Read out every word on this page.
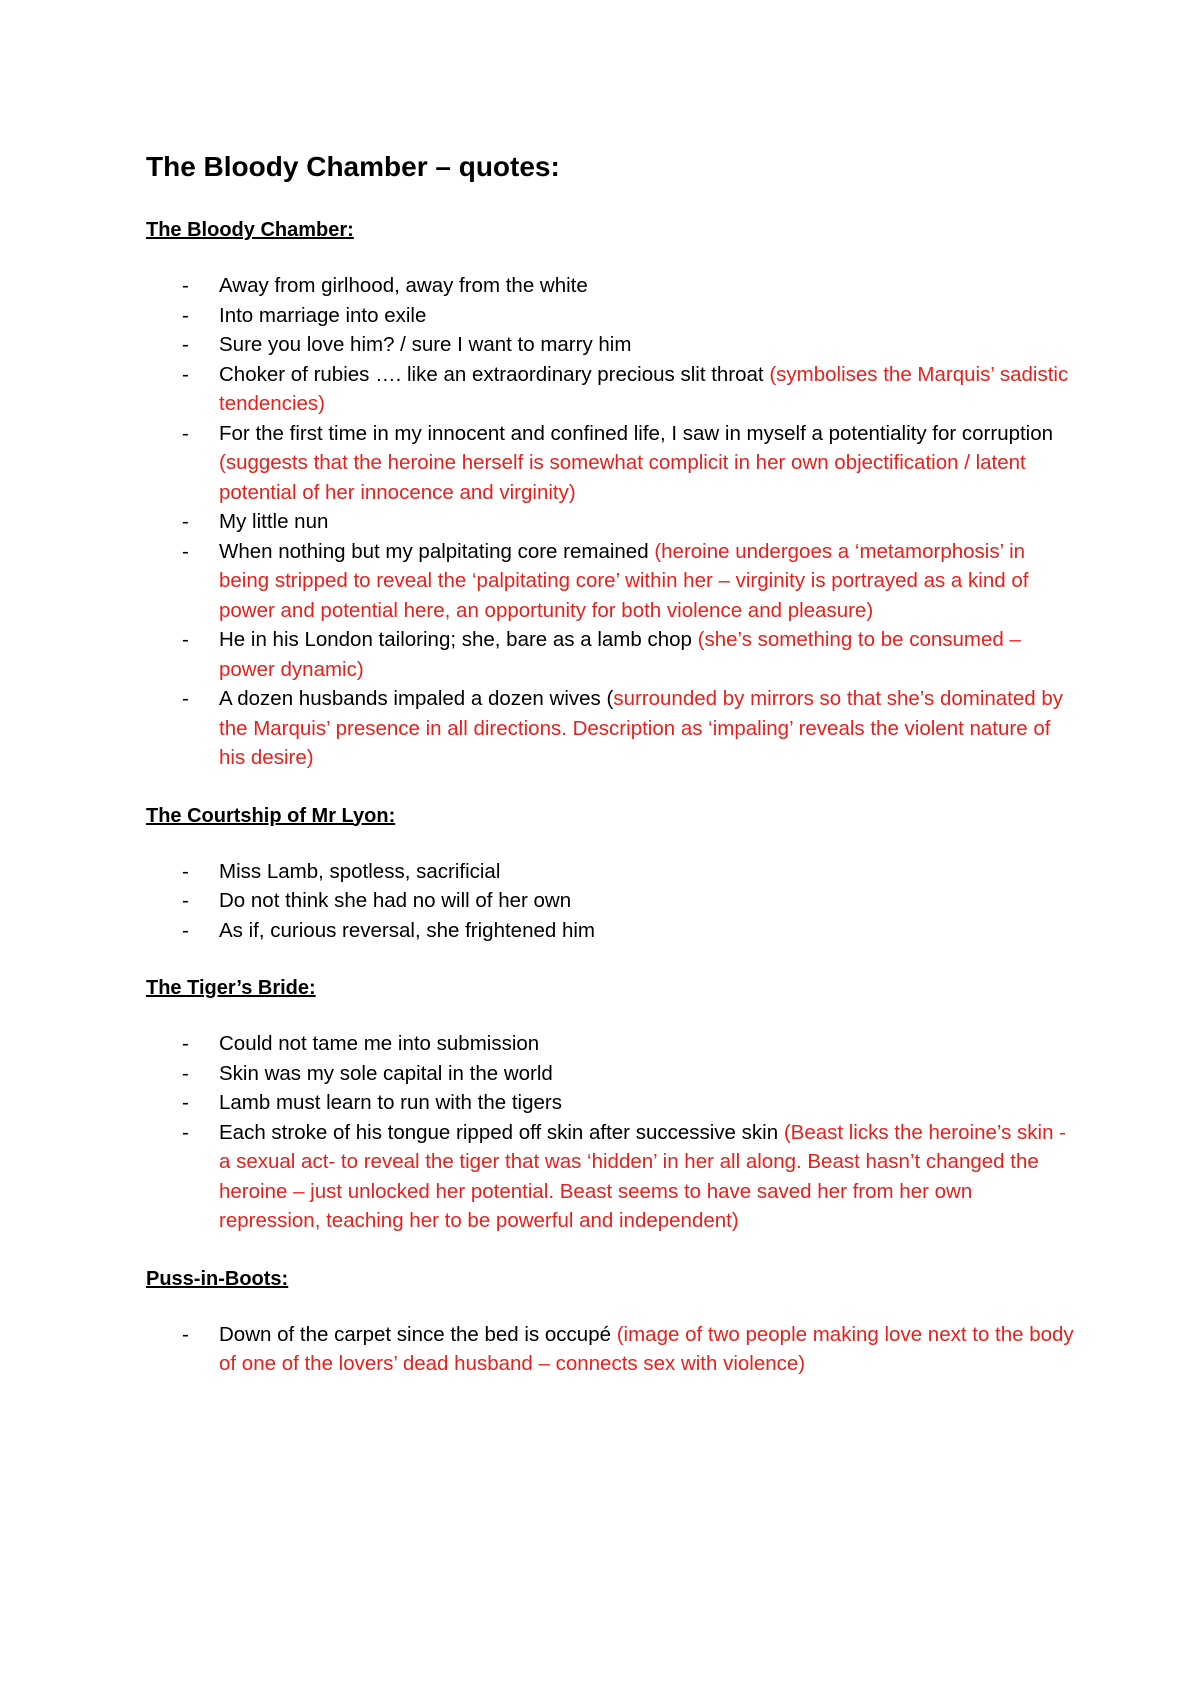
The Bloody Chamber – quotes:
The Bloody Chamber:
- Away from girlhood, away from the white
- Into marriage into exile
- Sure you love him? / sure I want to marry him
- Choker of rubies …. like an extraordinary precious slit throat (symbolises the Marquis’ sadistic tendencies)
- For the first time in my innocent and confined life, I saw in myself a potentiality for corruption (suggests that the heroine herself is somewhat complicit in her own objectification / latent potential of her innocence and virginity)
- My little nun
- When nothing but my palpitating core remained (heroine undergoes a ‘metamorphosis’ in being stripped to reveal the ‘palpitating core’ within her – virginity is portrayed as a kind of power and potential here, an opportunity for both violence and pleasure)
- He in his London tailoring; she, bare as a lamb chop (she’s something to be consumed – power dynamic)
- A dozen husbands impaled a dozen wives (surrounded by mirrors so that she’s dominated by the Marquis’ presence in all directions. Description as ‘impaling’ reveals the violent nature of his desire)
The Courtship of Mr Lyon:
- Miss Lamb, spotless, sacrificial
- Do not think she had no will of her own
- As if, curious reversal, she frightened him
The Tiger’s Bride:
- Could not tame me into submission
- Skin was my sole capital in the world
- Lamb must learn to run with the tigers
- Each stroke of his tongue ripped off skin after successive skin (Beast licks the heroine’s skin -a sexual act- to reveal the tiger that was ‘hidden’ in her all along. Beast hasn’t changed the heroine – just unlocked her potential. Beast seems to have saved her from her own repression, teaching her to be powerful and independent)
Puss-in-Boots:
- Down of the carpet since the bed is occupé (image of two people making love next to the body of one of the lovers’ dead husband – connects sex with violence)
